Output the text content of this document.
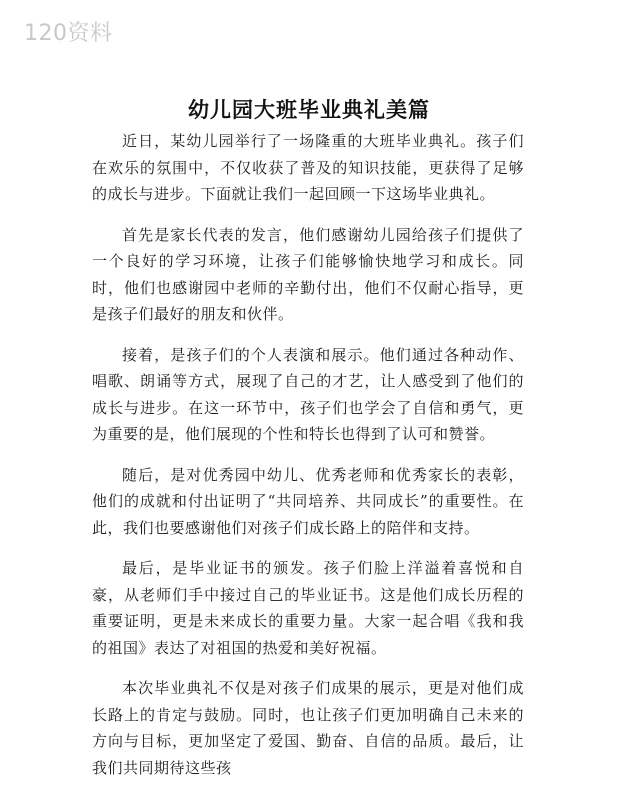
120资料
幼儿园大班毕业典礼美篇

近日，某幼儿园举行了一场隆重的大班毕业典礼。孩子们在欢乐的氛围中，不仅收获了普及的知识技能，更获得了足够的成长与进步。下面就让我们一起回顾一下这场毕业典礼。

首先是家长代表的发言，他们感谢幼儿园给孩子们提供了一个良好的学习环境，让孩子们能够愉快地学习和成长。同时，他们也感谢园中老师的辛勤付出，他们不仅耐心指导，更是孩子们最好的朋友和伙伴。

接着，是孩子们的个人表演和展示。他们通过各种动作、唱歌、朗诵等方式，展现了自己的才艺，让人感受到了他们的成长与进步。在这一环节中，孩子们也学会了自信和勇气，更为重要的是，他们展现的个性和特长也得到了认可和赞誉。

随后，是对优秀园中幼儿、优秀老师和优秀家长的表彰，他们的成就和付出证明了“共同培养、共同成长”的重要性。在此，我们也要感谢他们对孩子们成长路上的陪伴和支持。

最后，是毕业证书的颁发。孩子们脸上洋溢着喜悦和自豪，从老师们手中接过自己的毕业证书。这是他们成长历程的重要证明，更是未来成长的重要力量。大家一起合唱《我和我的祖国》表达了对祖国的热爱和美好祝福。

本次毕业典礼不仅是对孩子们成果的展示，更是对他们成长路上的肯定与鼓励。同时，也让孩子们更加明确自己未来的方向与目标，更加坚定了爱国、勤奋、自信的品质。最后，让我们共同期待这些孩
